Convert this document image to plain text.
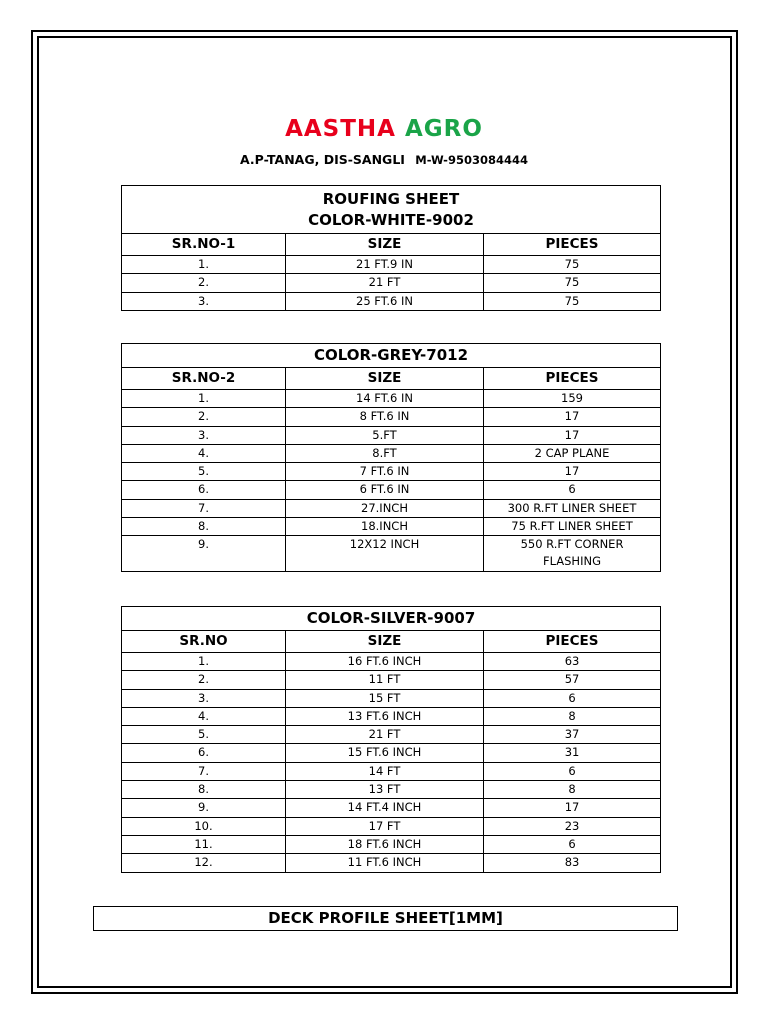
AASTHA AGRO
A.P-TANAG, DIS-SANGLI M-W-9503084444
ROUFING SHEET
COLOR-WHITE-9002		

SR.NO-1	SIZE	PIECES
1.	21 FT.9 IN	75
2.	21 FT	75
3.	25 FT.6 IN	75
COLOR-GREY-7012		
SR.NO-2	SIZE	PIECES
1.	14 FT.6 IN	159
2.	8 FT.6 IN	17
3.	5.FT	17
4.	8.FT	2 CAP PLANE
5.	7 FT.6 IN	17
6.	6 FT.6 IN	6
7.	27.INCH	300 R.FT LINER SHEET
8.	18.INCH	75 R.FT LINER SHEET
9.	12X12 INCH	550 R.FT CORNER FLASHING
COLOR-SILVER-9007		
SR.NO	SIZE	PIECES
1.	16 FT.6 INCH	63
2.	11 FT	57
3.	15 FT	6
4.	13 FT.6 INCH	8
5.	21 FT	37
6.	15 FT.6 INCH	31
7.	14 FT	6
8.	13 FT	8
9.	14 FT.4 INCH	17
10.	17 FT	23
11.	18 FT.6 INCH	6
12.	11 FT.6 INCH	83
DECK PROFILE SHEET[1MM]
